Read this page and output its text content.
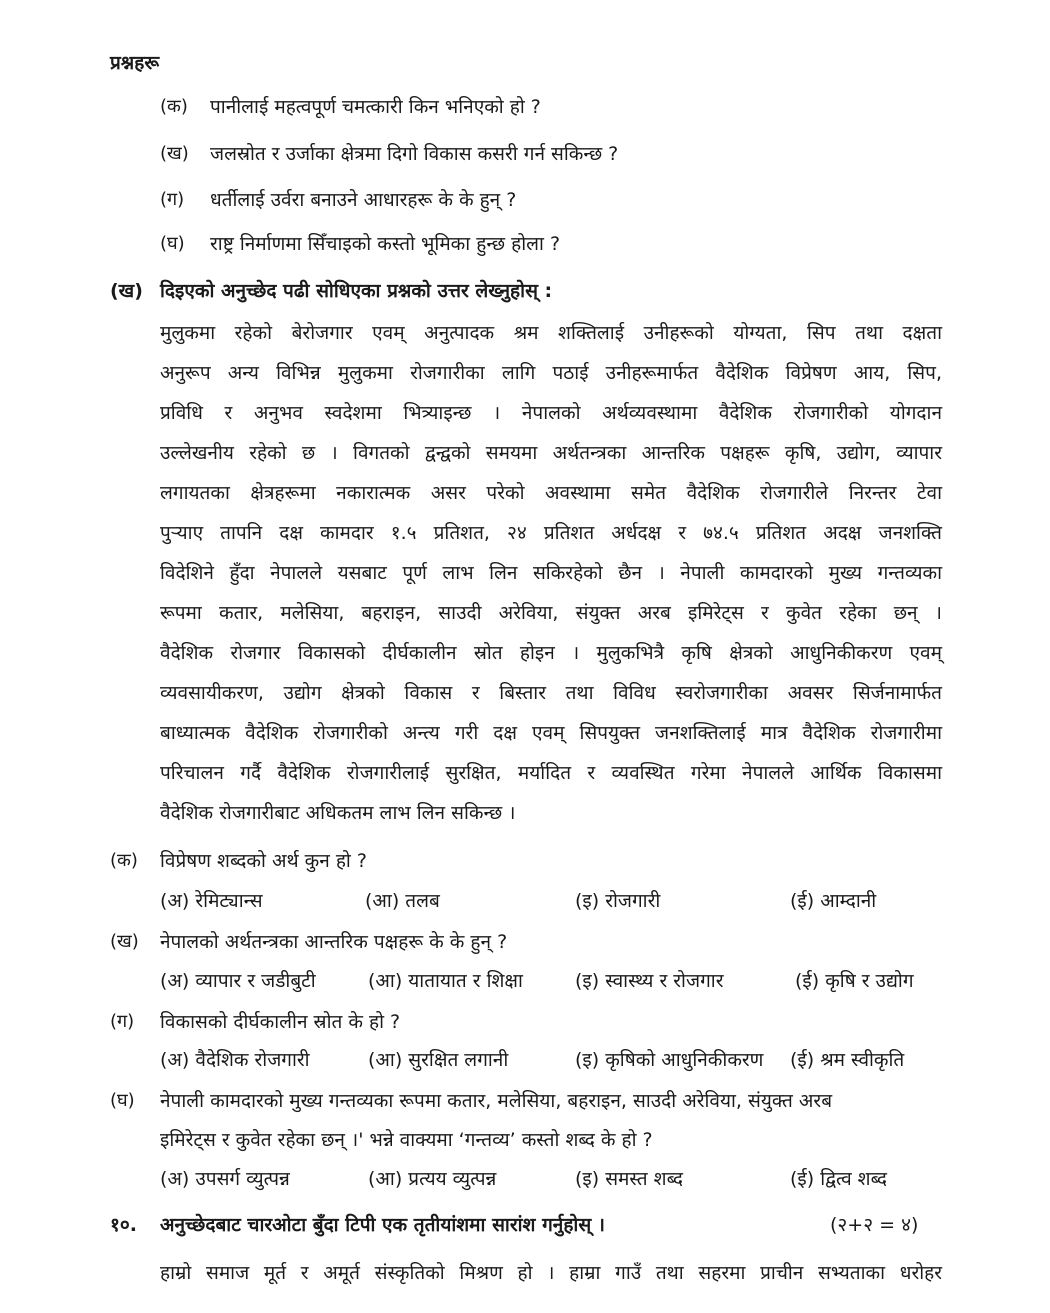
प्रश्नहरू
(क) पानीलाई महत्वपूर्ण चमत्कारी किन भनिएको हो ?
(ख) जलस्रोत र उर्जाका क्षेत्रमा दिगो विकास कसरी गर्न सकिन्छ ?
(ग) धर्तीलाई उर्वरा बनाउने आधारहरू के के हुन् ?
(घ) राष्ट्र निर्माणमा सिँचाइको कस्तो भूमिका हुन्छ होला ?
(ख) दिइएको अनुच्छेद पढी सोधिएका प्रश्नको उत्तर लेख्नुहोस् :
मुलुकमा रहेको बेरोजगार एवम् अनुत्पादक श्रम शक्तिलाई उनीहरूको योग्यता, सिप तथा दक्षता
अनुरूप अन्य विभिन्न मुलुकमा रोजगारीका लागि पठाई उनीहरूमार्फत वैदेशिक विप्रेषण आय, सिप,
प्रविधि र अनुभव स्वदेशमा भित्र्याइन्छ । नेपालको अर्थव्यवस्थामा वैदेशिक रोजगारीको योगदान
उल्लेखनीय रहेको छ । विगतको द्वन्द्वको समयमा अर्थतन्त्रका आन्तरिक पक्षहरू कृषि, उद्योग, व्यापार
लगायतका क्षेत्रहरूमा नकारात्मक असर परेको अवस्थामा समेत वैदेशिक रोजगारीले निरन्तर टेवा
पुऱ्याए तापनि दक्ष कामदार १.५ प्रतिशत, २४ प्रतिशत अर्धदक्ष र ७४.५ प्रतिशत अदक्ष जनशक्ति
विदेशिने हुँदा नेपालले यसबाट पूर्ण लाभ लिन सकिरहेको छैन । नेपाली कामदारको मुख्य गन्तव्यका
रूपमा कतार, मलेसिया, बहराइन, साउदी अरेविया, संयुक्त अरब इमिरेट्स र कुवेत रहेका छन् ।
वैदेशिक रोजगार विकासको दीर्घकालीन स्रोत होइन । मुलुकभित्रै कृषि क्षेत्रको आधुनिकीकरण एवम्
व्यवसायीकरण, उद्योग क्षेत्रको विकास र बिस्तार तथा विविध स्वरोजगारीका अवसर सिर्जनामार्फत
बाध्यात्मक वैदेशिक रोजगारीको अन्त्य गरी दक्ष एवम् सिपयुक्त जनशक्तिलाई मात्र वैदेशिक रोजगारीमा
परिचालन गर्दै वैदेशिक रोजगारीलाई सुरक्षित, मर्यादित र व्यवस्थित गरेमा नेपालले आर्थिक विकासमा
वैदेशिक रोजगारीबाट अधिकतम लाभ लिन सकिन्छ ।
(क) विप्रेषण शब्दको अर्थ कुन हो ?
(अ) रेमिट्यान्स	(आ) तलब	(इ) रोजगारी	(ई) आम्दानी
(ख) नेपालको अर्थतन्त्रका आन्तरिक पक्षहरू के के हुन् ?
(अ) व्यापार र जडीबुटी	(आ) यातायात र शिक्षा	(इ) स्वास्थ्य र रोजगार	(ई) कृषि र उद्योग
(ग) विकासको दीर्घकालीन स्रोत के हो ?
(अ) वैदेशिक रोजगारी	(आ) सुरक्षित लगानी	(इ) कृषिको आधुनिकीकरण (ई) श्रम स्वीकृति
(घ) नेपाली कामदारको मुख्य गन्तव्यका रूपमा कतार, मलेसिया, बहराइन, साउदी अरेविया, संयुक्त अरब
इमिरेट्स र कुवेत रहेका छन् ।' भन्ने वाक्यमा ‘गन्तव्य’ कस्तो शब्द के हो ?
(अ) उपसर्ग व्युत्पन्न	(आ) प्रत्यय व्युत्पन्न	(इ) समस्त शब्द	(ई) द्वित्व शब्द
१०. अनुच्छेदबाट चारओटा बुँदा टिपी एक तृतीयांशमा सारांश गर्नुहोस् ।	(२+२ = ४)
हाम्रो समाज मूर्त र अमूर्त संस्कृतिको मिश्रण हो । हाम्रा गाउँ तथा सहरमा प्राचीन सभ्यताका धरोहर
